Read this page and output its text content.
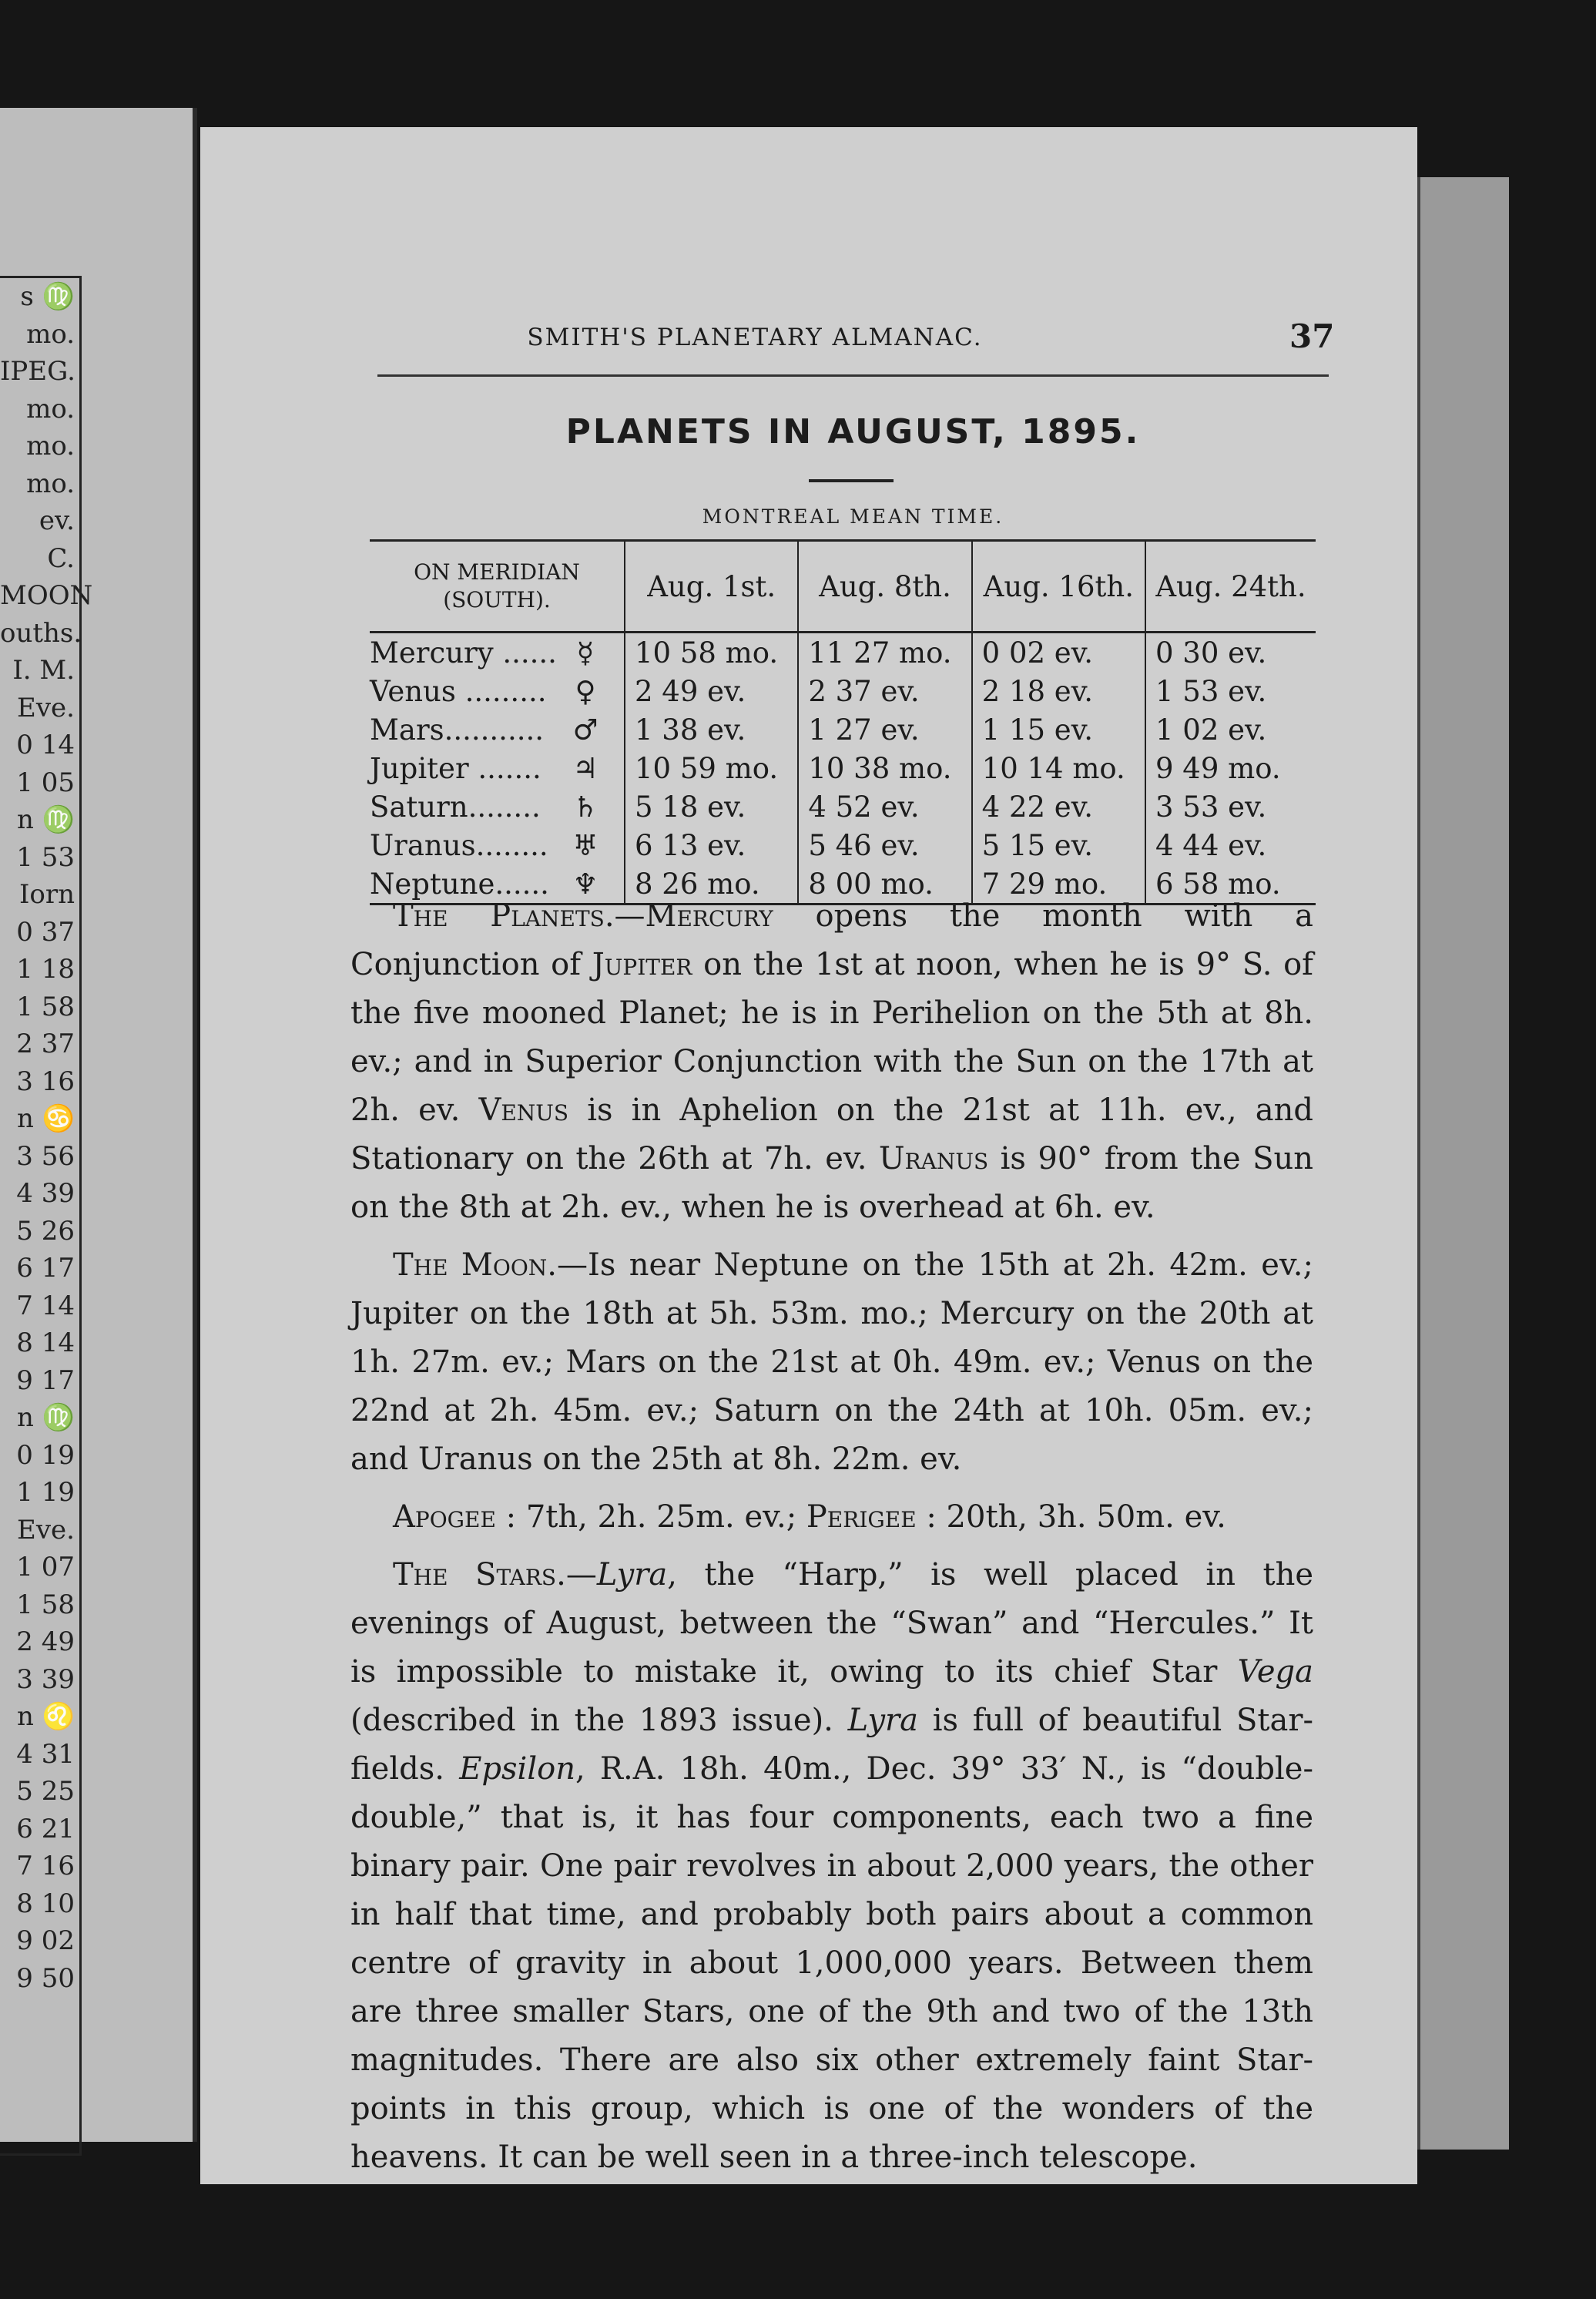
s ♍
mo.
IPEG.
mo.
mo.
mo.
ev.
C.
MOON
ouths.
I. M.
Eve.
0 14
1 05
n ♍
1 53
Iorn
0 37
1 18
1 58
2 37
3 16
n ♋
3 56
4 39
5 26
6 17
7 14
8 14
9 17
n ♍
0 19
1 19
Eve.
1 07
1 58
2 49
3 39
n ♌
4 31
5 25
6 21
7 16
8 10
9 02
9 50
SMITH'S PLANETARY ALMANAC.	37
PLANETS IN AUGUST, 1895.
MONTREAL MEAN TIME.
ON MERIDIAN
(SOUTH).	Aug. 1st.	Aug. 8th.	Aug. 16th.	Aug. 24th.
Mercury ...... ☿	10 58 mo.	11 27 mo.	0 02 ev.	0 30 ev.
Venus ......... ♀	2 49 ev.	2 37 ev.	2 18 ev.	1 53 ev.
Mars........... ♂	1 38 ev.	1 27 ev.	1 15 ev.	1 02 ev.
Jupiter ....... ♃	10 59 mo.	10 38 mo.	10 14 mo.	9 49 mo.
Saturn........ ♄	5 18 ev.	4 52 ev.	4 22 ev.	3 53 ev.
Uranus........ ♅	6 13 ev.	5 46 ev.	5 15 ev.	4 44 ev.
Neptune...... ♆	8 26 mo.	8 00 mo.	7 29 mo.	6 58 mo.

The Planets.—Mercury opens the month with a Conjunction of Jupiter on the 1st at noon, when he is 9° S. of the five mooned Planet; he is in Perihelion on the 5th at 8h. ev.; and in Superior Conjunction with the Sun on the 17th at 2h. ev. Venus is in Aphelion on the 21st at 11h. ev., and Stationary on the 26th at 7h. ev. Uranus is 90° from the Sun on the 8th at 2h. ev., when he is overhead at 6h. ev.

The Moon.—Is near Neptune on the 15th at 2h. 42m. ev.; Jupiter on the 18th at 5h. 53m. mo.; Mercury on the 20th at 1h. 27m. ev.; Mars on the 21st at 0h. 49m. ev.; Venus on the 22nd at 2h. 45m. ev.; Saturn on the 24th at 10h. 05m. ev.; and Uranus on the 25th at 8h. 22m. ev.

Apogee : 7th, 2h. 25m. ev.; Perigee : 20th, 3h. 50m. ev.

The Stars.—Lyra, the “Harp,” is well placed in the evenings of August, between the “Swan” and “Hercules.” It is impossible to mistake it, owing to its chief Star Vega (described in the 1893 issue). Lyra is full of beautiful Star-fields. Epsilon, R.A. 18h. 40m., Dec. 39° 33′ N., is “double-double,” that is, it has four components, each two a fine binary pair. One pair revolves in about 2,000 years, the other in half that time, and probably both pairs about a common centre of gravity in about 1,000,000 years. Between them are three smaller Stars, one of the 9th and two of the 13th magnitudes. There are also six other extremely faint Star-points in this group, which is one of the wonders of the heavens. It can be well seen in a three-inch telescope.
